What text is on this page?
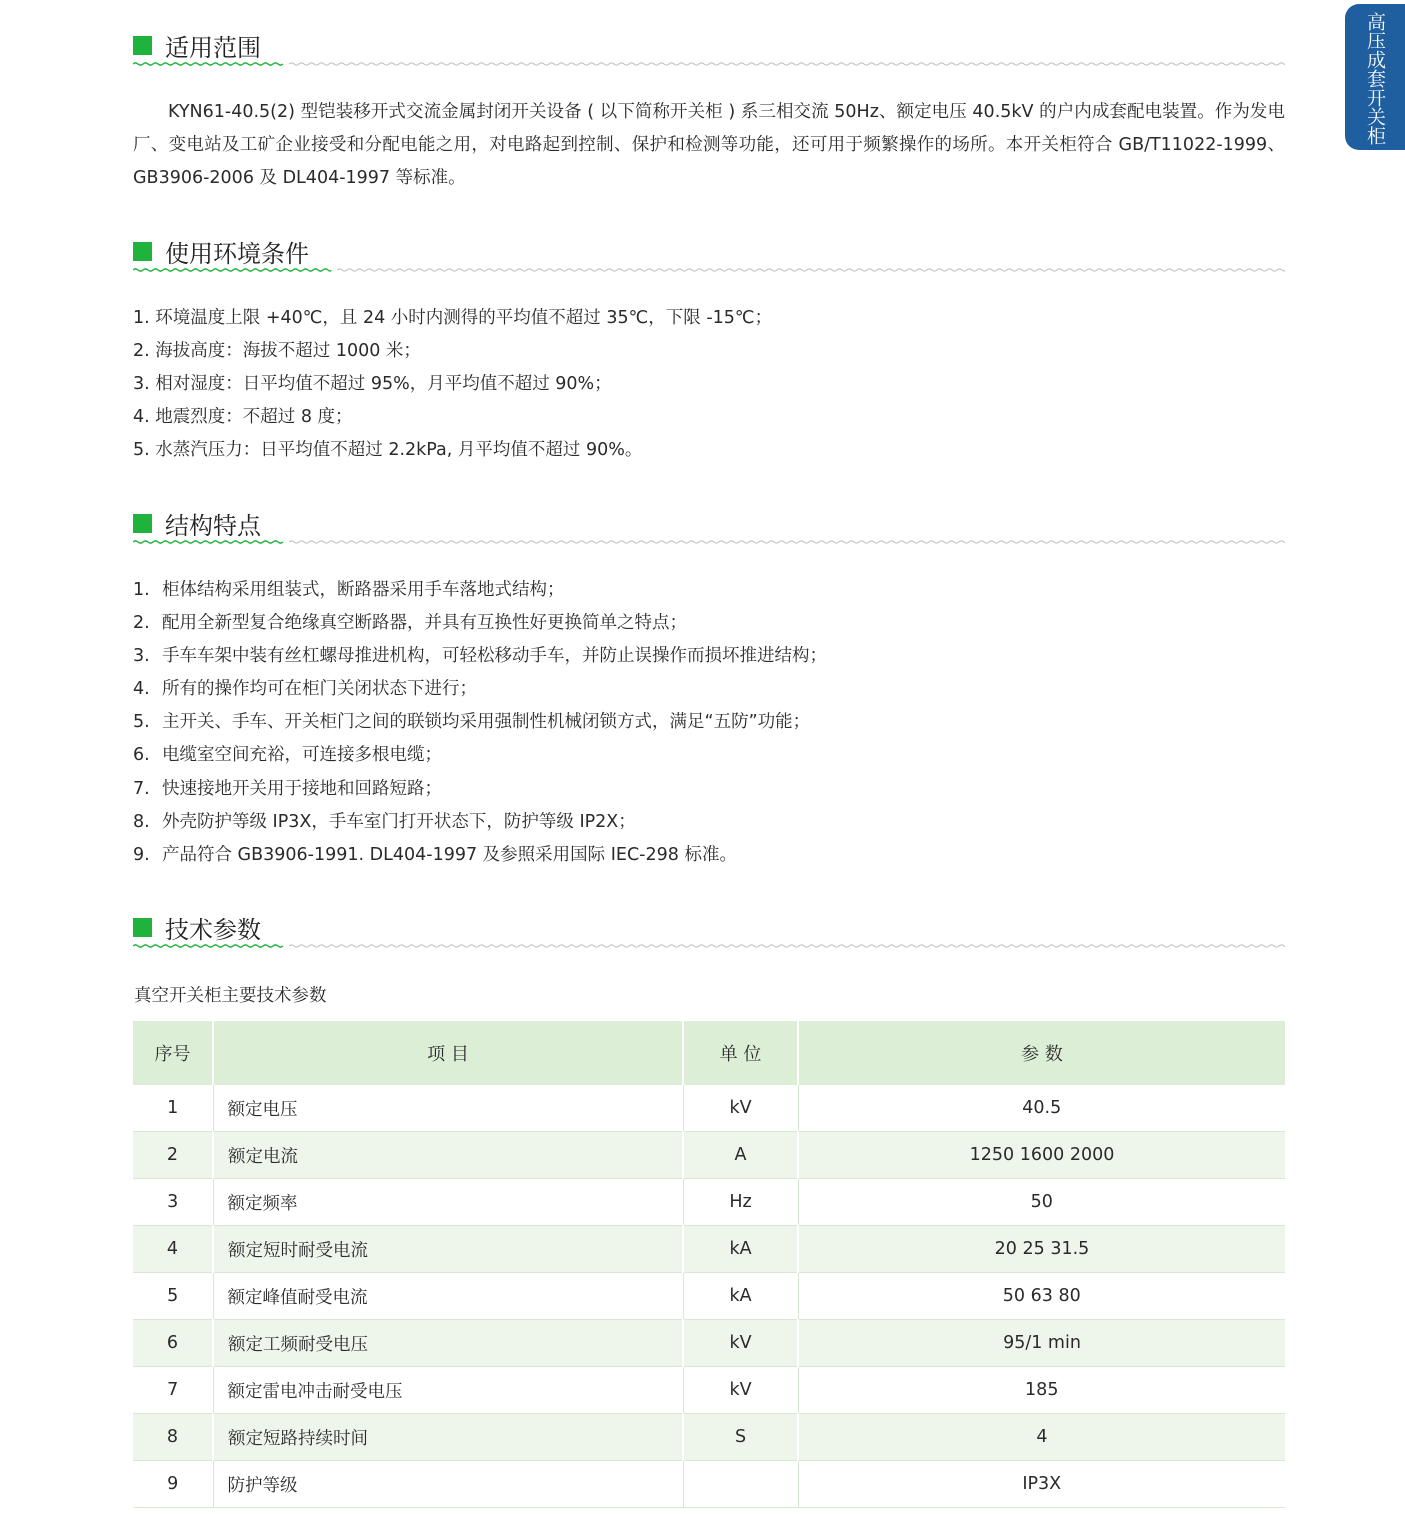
高压成套开关柜
适用范围

KYN61-40.5(2) 型铠装移开式交流金属封闭开关设备 ( 以下简称开关柜 ) 系三相交流 50Hz、额定电压 40.5kV 的户内成套配电装置。作为发电厂、变电站及工矿企业接受和分配电能之用，对电路起到控制、保护和检测等功能，还可用于频繁操作的场所。本开关柜符合 GB/T11022-1999、GB3906-2006 及 DL404-1997 等标准。

使用环境条件
1. 环境温度上限 +40℃，且 24 小时内测得的平均值不超过 35℃，下限 -15℃；
2. 海拔高度：海拔不超过 1000 米；
3. 相对湿度：日平均值不超过 95%，月平均值不超过 90%；
4. 地震烈度：不超过 8 度；
5. 水蒸汽压力：日平均值不超过 2.2kPa, 月平均值不超过 90%。
结构特点
1. 柜体结构采用组装式，断路器采用手车落地式结构；
2. 配用全新型复合绝缘真空断路器，并具有互换性好更换简单之特点；
3. 手车车架中装有丝杠螺母推进机构，可轻松移动手车，并防止误操作而损坏推进结构；
4. 所有的操作均可在柜门关闭状态下进行；
5. 主开关、手车、开关柜门之间的联锁均采用强制性机械闭锁方式，满足“五防”功能；
6. 电缆室空间充裕，可连接多根电缆；
7. 快速接地开关用于接地和回路短路；
8. 外壳防护等级 IP3X，手车室门打开状态下，防护等级 IP2X；
9. 产品符合 GB3906-1991. DL404-1997 及参照采用国际 IEC-298 标准。
技术参数
真空开关柜主要技术参数
序号	项 目	单 位	参 数
1	额定电压	kV	40.5
2	额定电流	A	1250 1600 2000
3	额定频率	Hz	50
4	额定短时耐受电流	kA	20 25 31.5
5	额定峰值耐受电流	kA	50 63 80
6	额定工频耐受电压	kV	95/1 min
7	额定雷电冲击耐受电压	kV	185
8	额定短路持续时间	S	4
9	防护等级		IP3X
